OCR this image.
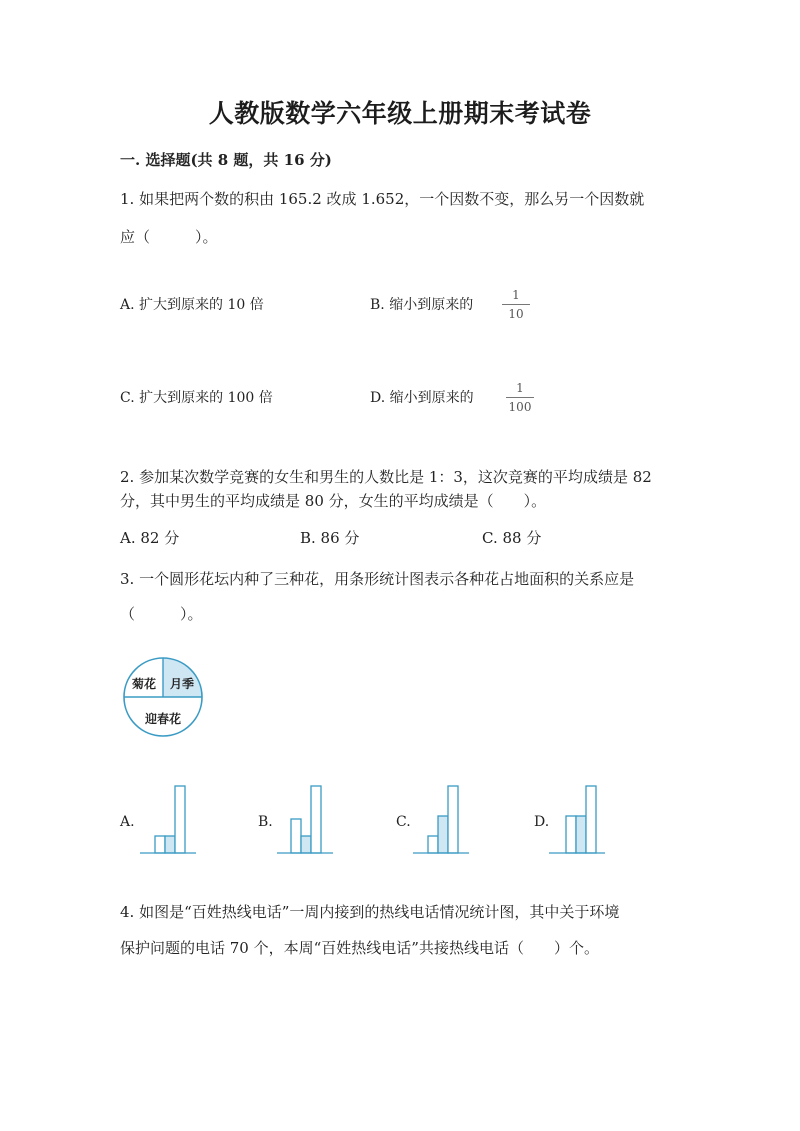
人教版数学六年级上册期末考试卷
一. 选择题(共 8 题，共 16 分)
1. 如果把两个数的积由 165.2 改成 1.652，一个因数不变，那么另一个因数就
应（　　　）。
A. 扩大到原来的 10 倍	B. 缩小到原来的
1
10
C. 扩大到原来的 100 倍	D. 缩小到原来的
1
100
2. 参加某次数学竞赛的女生和男生的人数比是 1：3，这次竞赛的平均成绩是 82
分，其中男生的平均成绩是 80 分，女生的平均成绩是（　　）。
A. 82 分	B. 86 分	C. 88 分
3. 一个圆形花坛内种了三种花，用条形统计图表示各种花占地面积的关系应是
（　　　）。
菊花 月季
迎春花
A.	B.	C.	D.
4. 如图是“百姓热线电话”一周内接到的热线电话情况统计图，其中关于环境
保护问题的电话 70 个，本周“百姓热线电话”共接热线电话（　　）个。
